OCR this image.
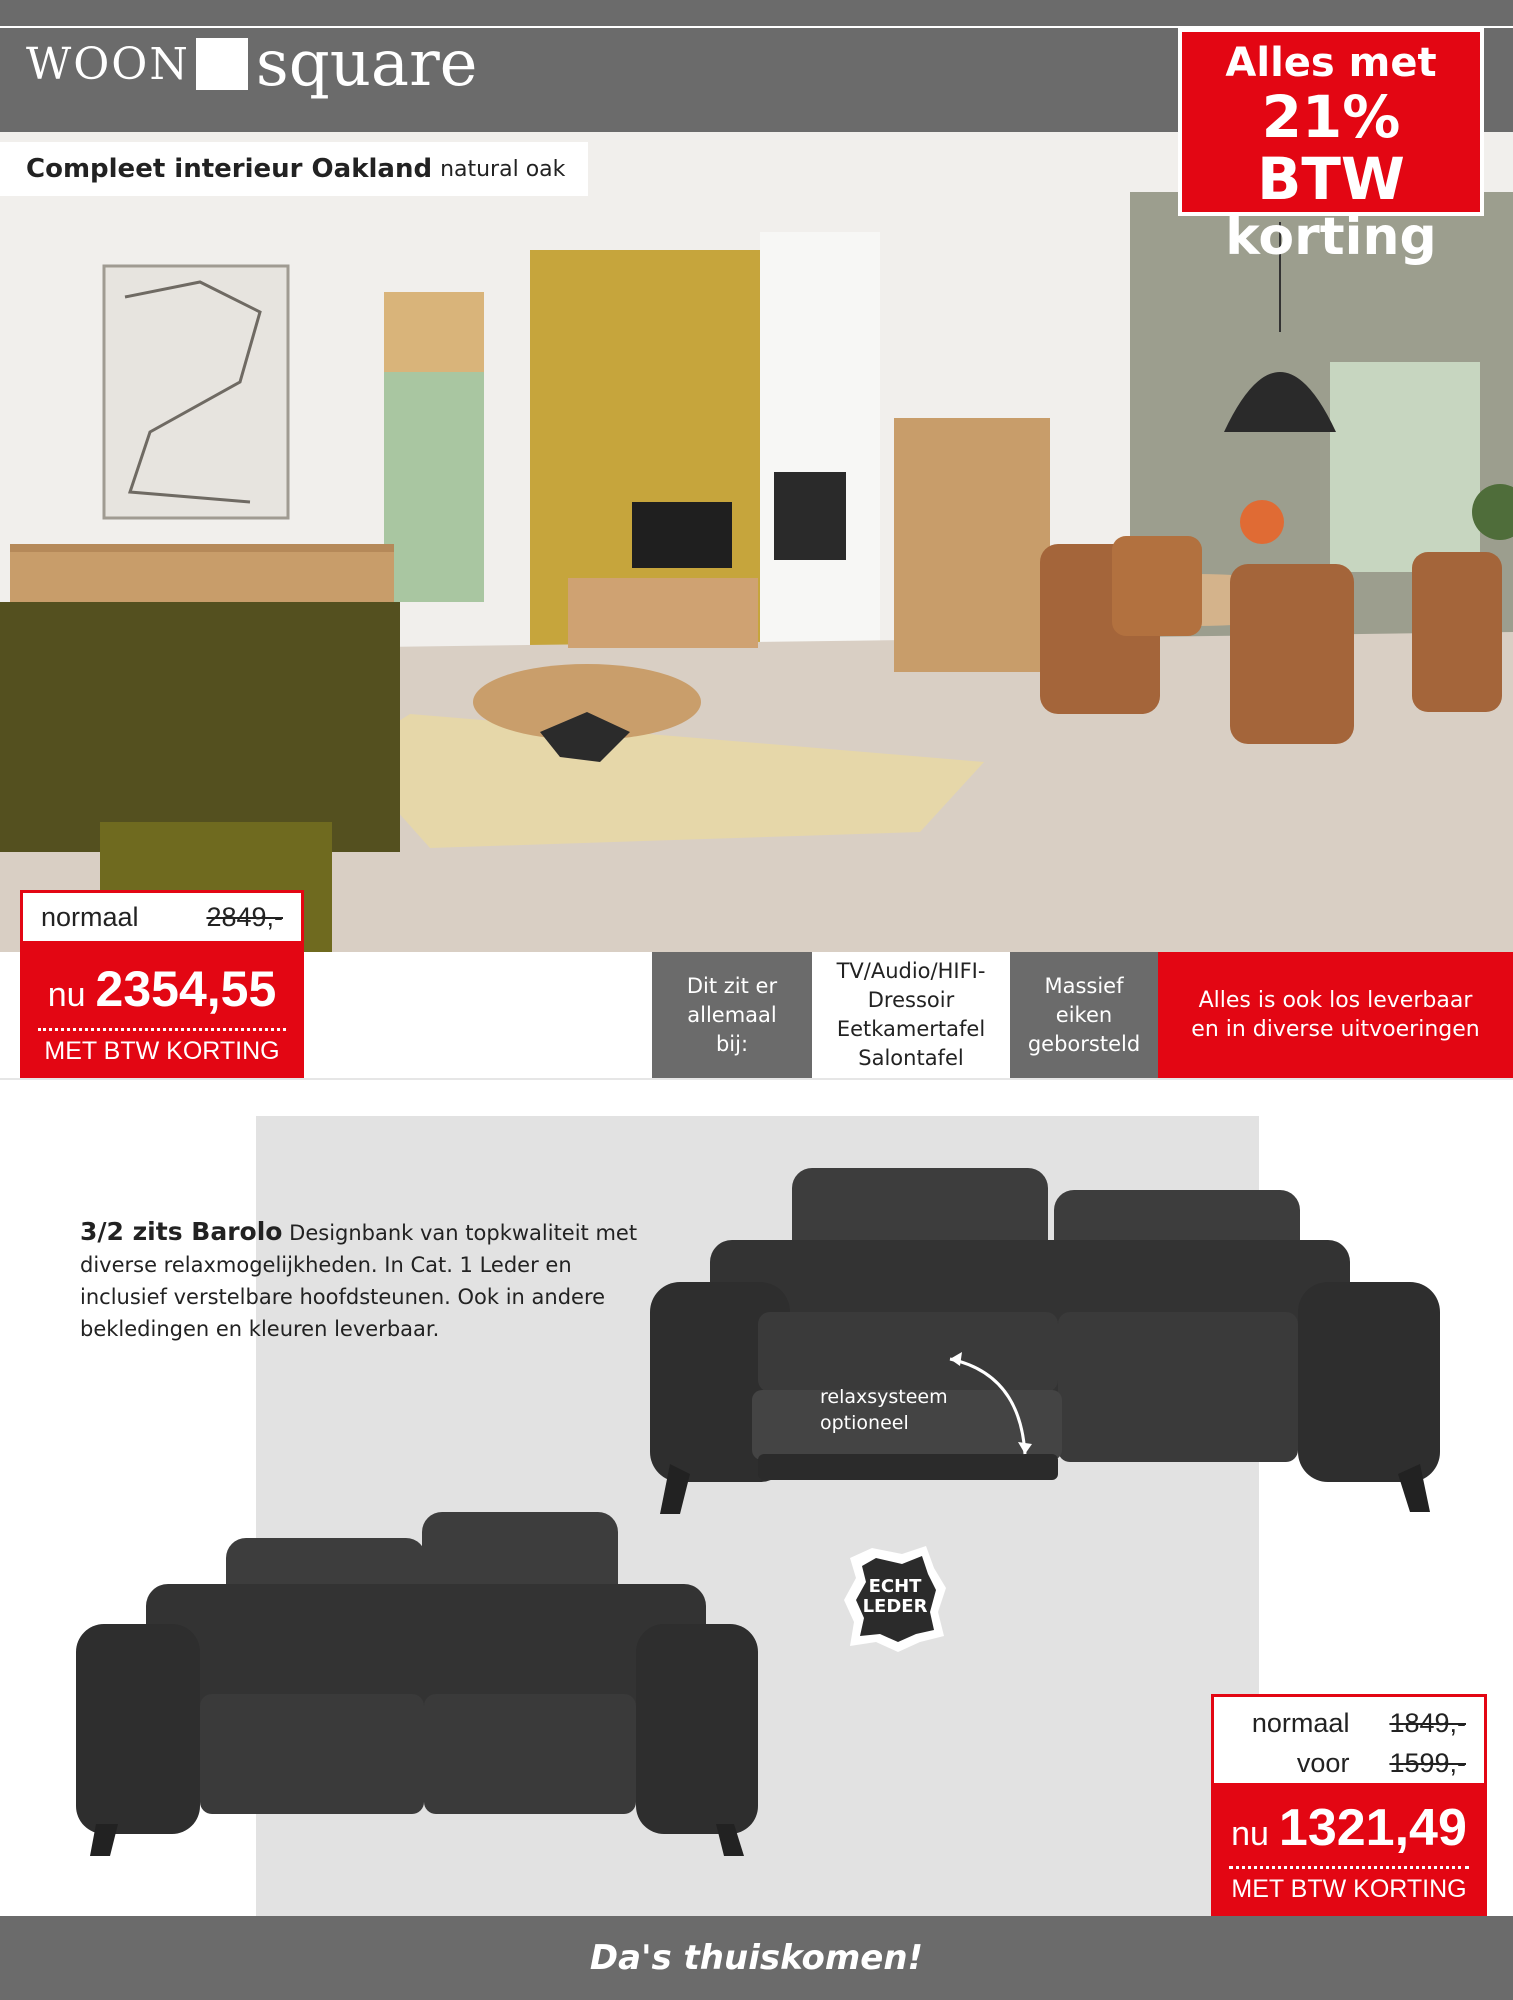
WOON square
Compleet interieur Oakland natural oak
Alles met
21% BTW
korting
normaal	2849,-
nu 2354,55
MET BTW KORTING
Dit zit er
allemaal
bij:
TV/Audio/HIFI-
Dressoir
Eetkamertafel
Salontafel
Massief
eiken
geborsteld
Alles is ook los leverbaar
en in diverse uitvoeringen
3/2 zits Barolo Designbank van topkwaliteit met diverse relaxmogelijkheden. In Cat. 1 Leder en inclusief verstelbare hoofdsteunen. Ook in andere bekledingen en kleuren leverbaar.
relaxsysteem
optioneel
ECHT
LEDER
normaal	1849,-
voor	1599,-
nu 1321,49
MET BTW KORTING
Da's thuiskomen!
